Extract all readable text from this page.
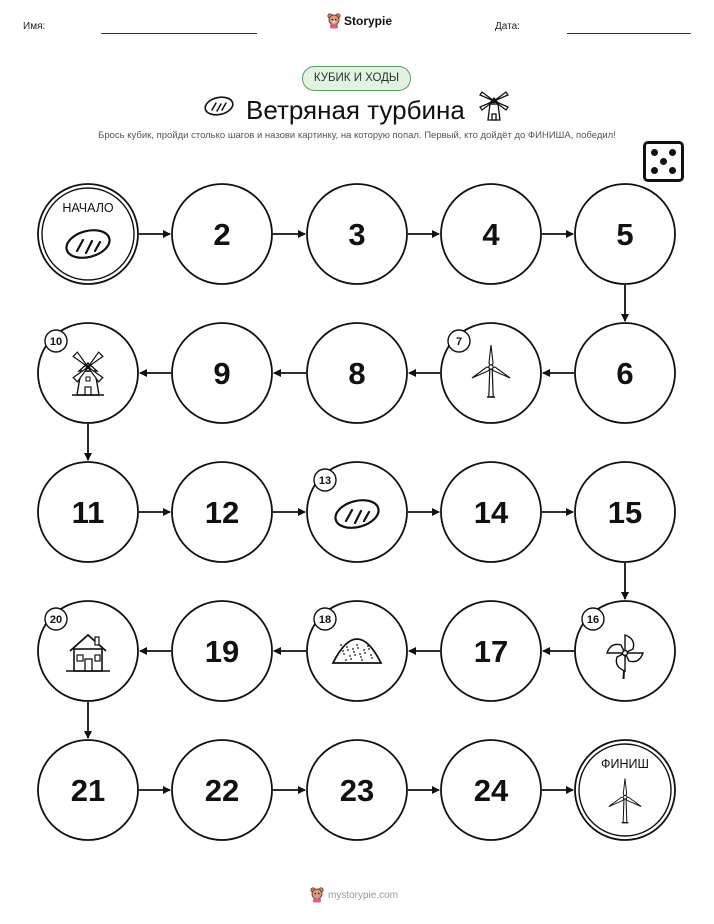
Имя:	Storypie	Дата:
КУБИК И ХОДЫ
Ветряная турбина
Брось кубик, пройди столько шагов и назови картинку, на которую попал. Первый, кто дойдёт до ФИНИША, победил!
НАЧАЛО
2	3	4	5
6
7
8
9
10
11	12
13
14	15
16
17
18
19
20
21	22	23	24
ФИНИШ
mystorypie.com
